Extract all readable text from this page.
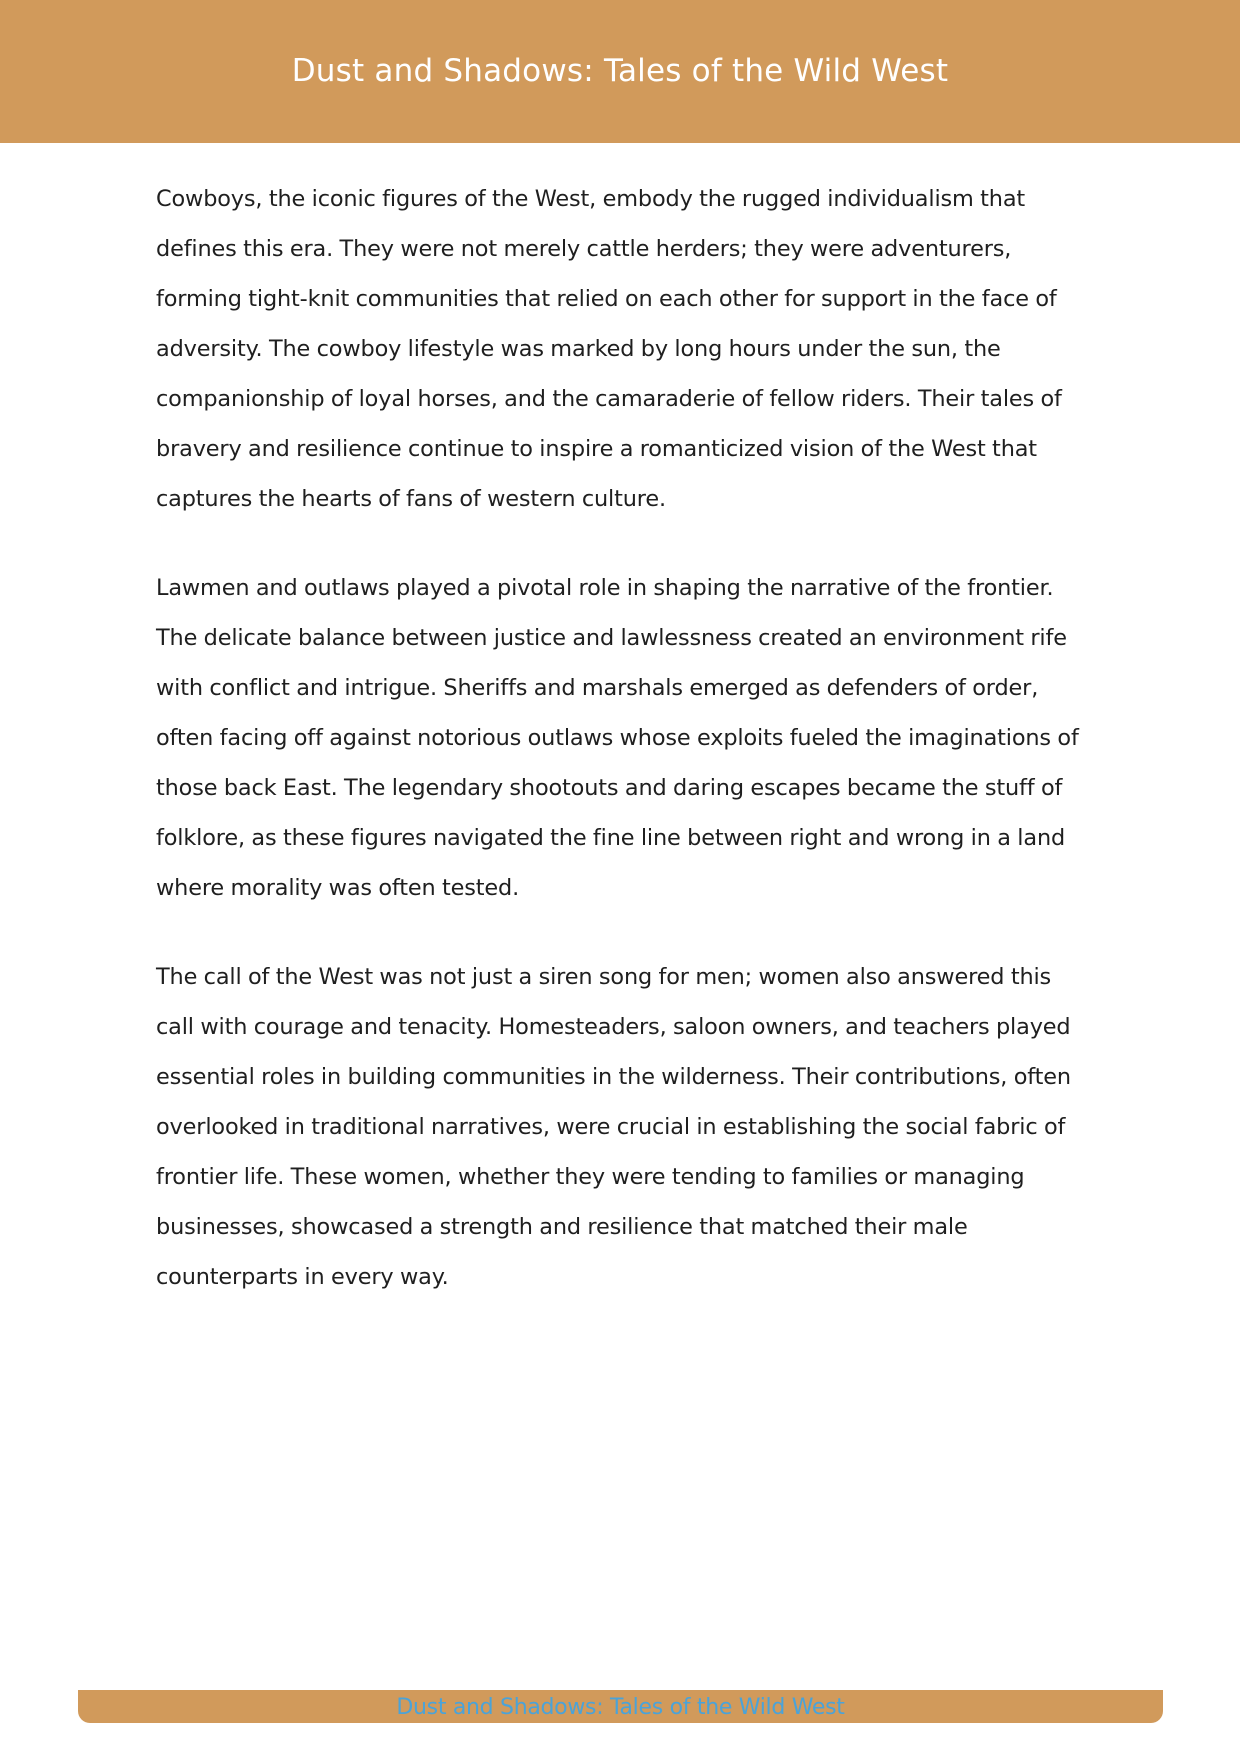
Dust and Shadows: Tales of the Wild West

Cowboys, the iconic figures of the West, embody the rugged individualism that defines this era. They were not merely cattle herders; they were adventurers, forming tight-knit communities that relied on each other for support in the face of adversity. The cowboy lifestyle was marked by long hours under the sun, the companionship of loyal horses, and the camaraderie of fellow riders. Their tales of bravery and resilience continue to inspire a romanticized vision of the West that captures the hearts of fans of western culture.

Lawmen and outlaws played a pivotal role in shaping the narrative of the frontier. The delicate balance between justice and lawlessness created an environment rife with conflict and intrigue. Sheriffs and marshals emerged as defenders of order, often facing off against notorious outlaws whose exploits fueled the imaginations of those back East. The legendary shootouts and daring escapes became the stuff of folklore, as these figures navigated the fine line between right and wrong in a land where morality was often tested.

The call of the West was not just a siren song for men; women also answered this call with courage and tenacity. Homesteaders, saloon owners, and teachers played essential roles in building communities in the wilderness. Their contributions, often overlooked in traditional narratives, were crucial in establishing the social fabric of frontier life. These women, whether they were tending to families or managing businesses, showcased a strength and resilience that matched their male counterparts in every way.

Dust and Shadows: Tales of the Wild West
